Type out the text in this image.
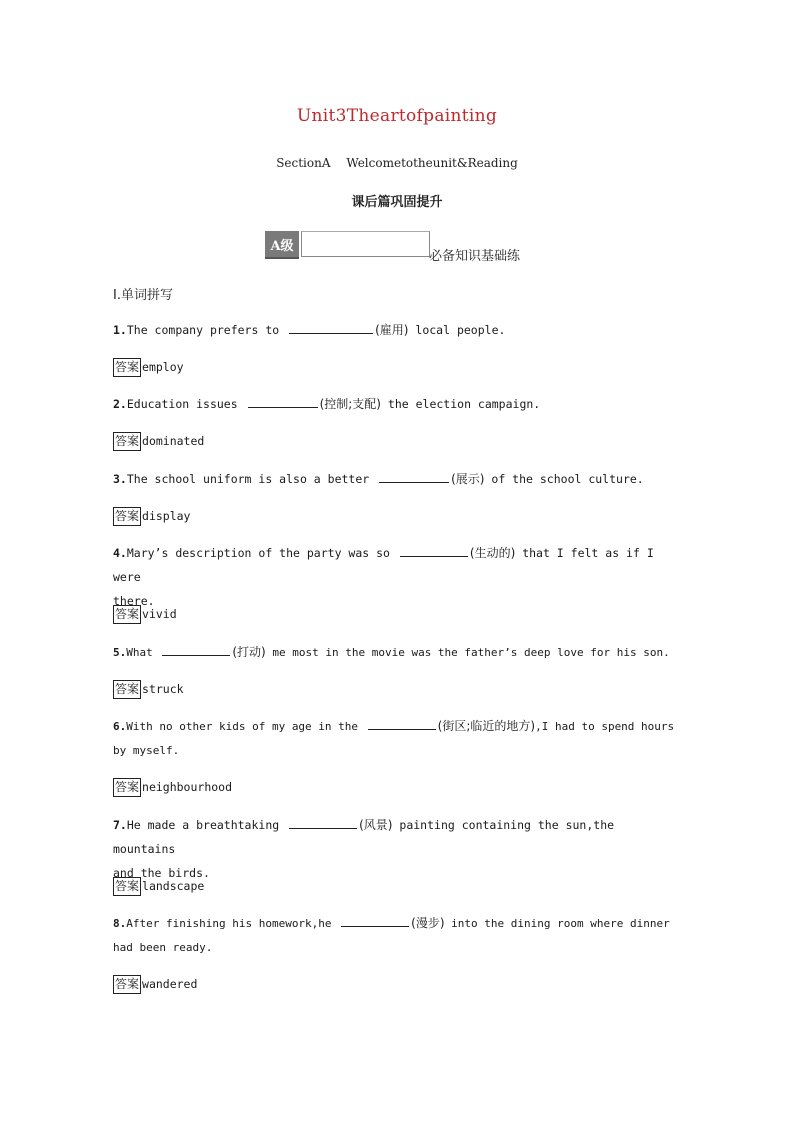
Unit3Theartofpainting
SectionA Welcometotheunit&Reading
课后篇巩固提升
A级
必备知识基础练
Ⅰ.单词拼写
1.The company prefers to	(雇用) local people.
答案 employ
2.Education issues	(控制;支配) the election campaign.
答案 dominated
3.The school uniform is also a better	(展示) of the school culture.
答案 display
4.Mary’s description of the party was so	(生动的) that I felt as if I were
there.
答案 vivid
5.What	(打动) me most in the movie was the father’s deep love for his son.
答案 struck
6.With no other kids of my age in the	(街区;临近的地方),I had to spend hours
by myself.
答案 neighbourhood
7.He made a breathtaking	(风景) painting containing the sun,the mountains
and the birds.
答案 landscape
8.After finishing his homework,he	(漫步) into the dining room where dinner
had been ready.
答案 wandered
